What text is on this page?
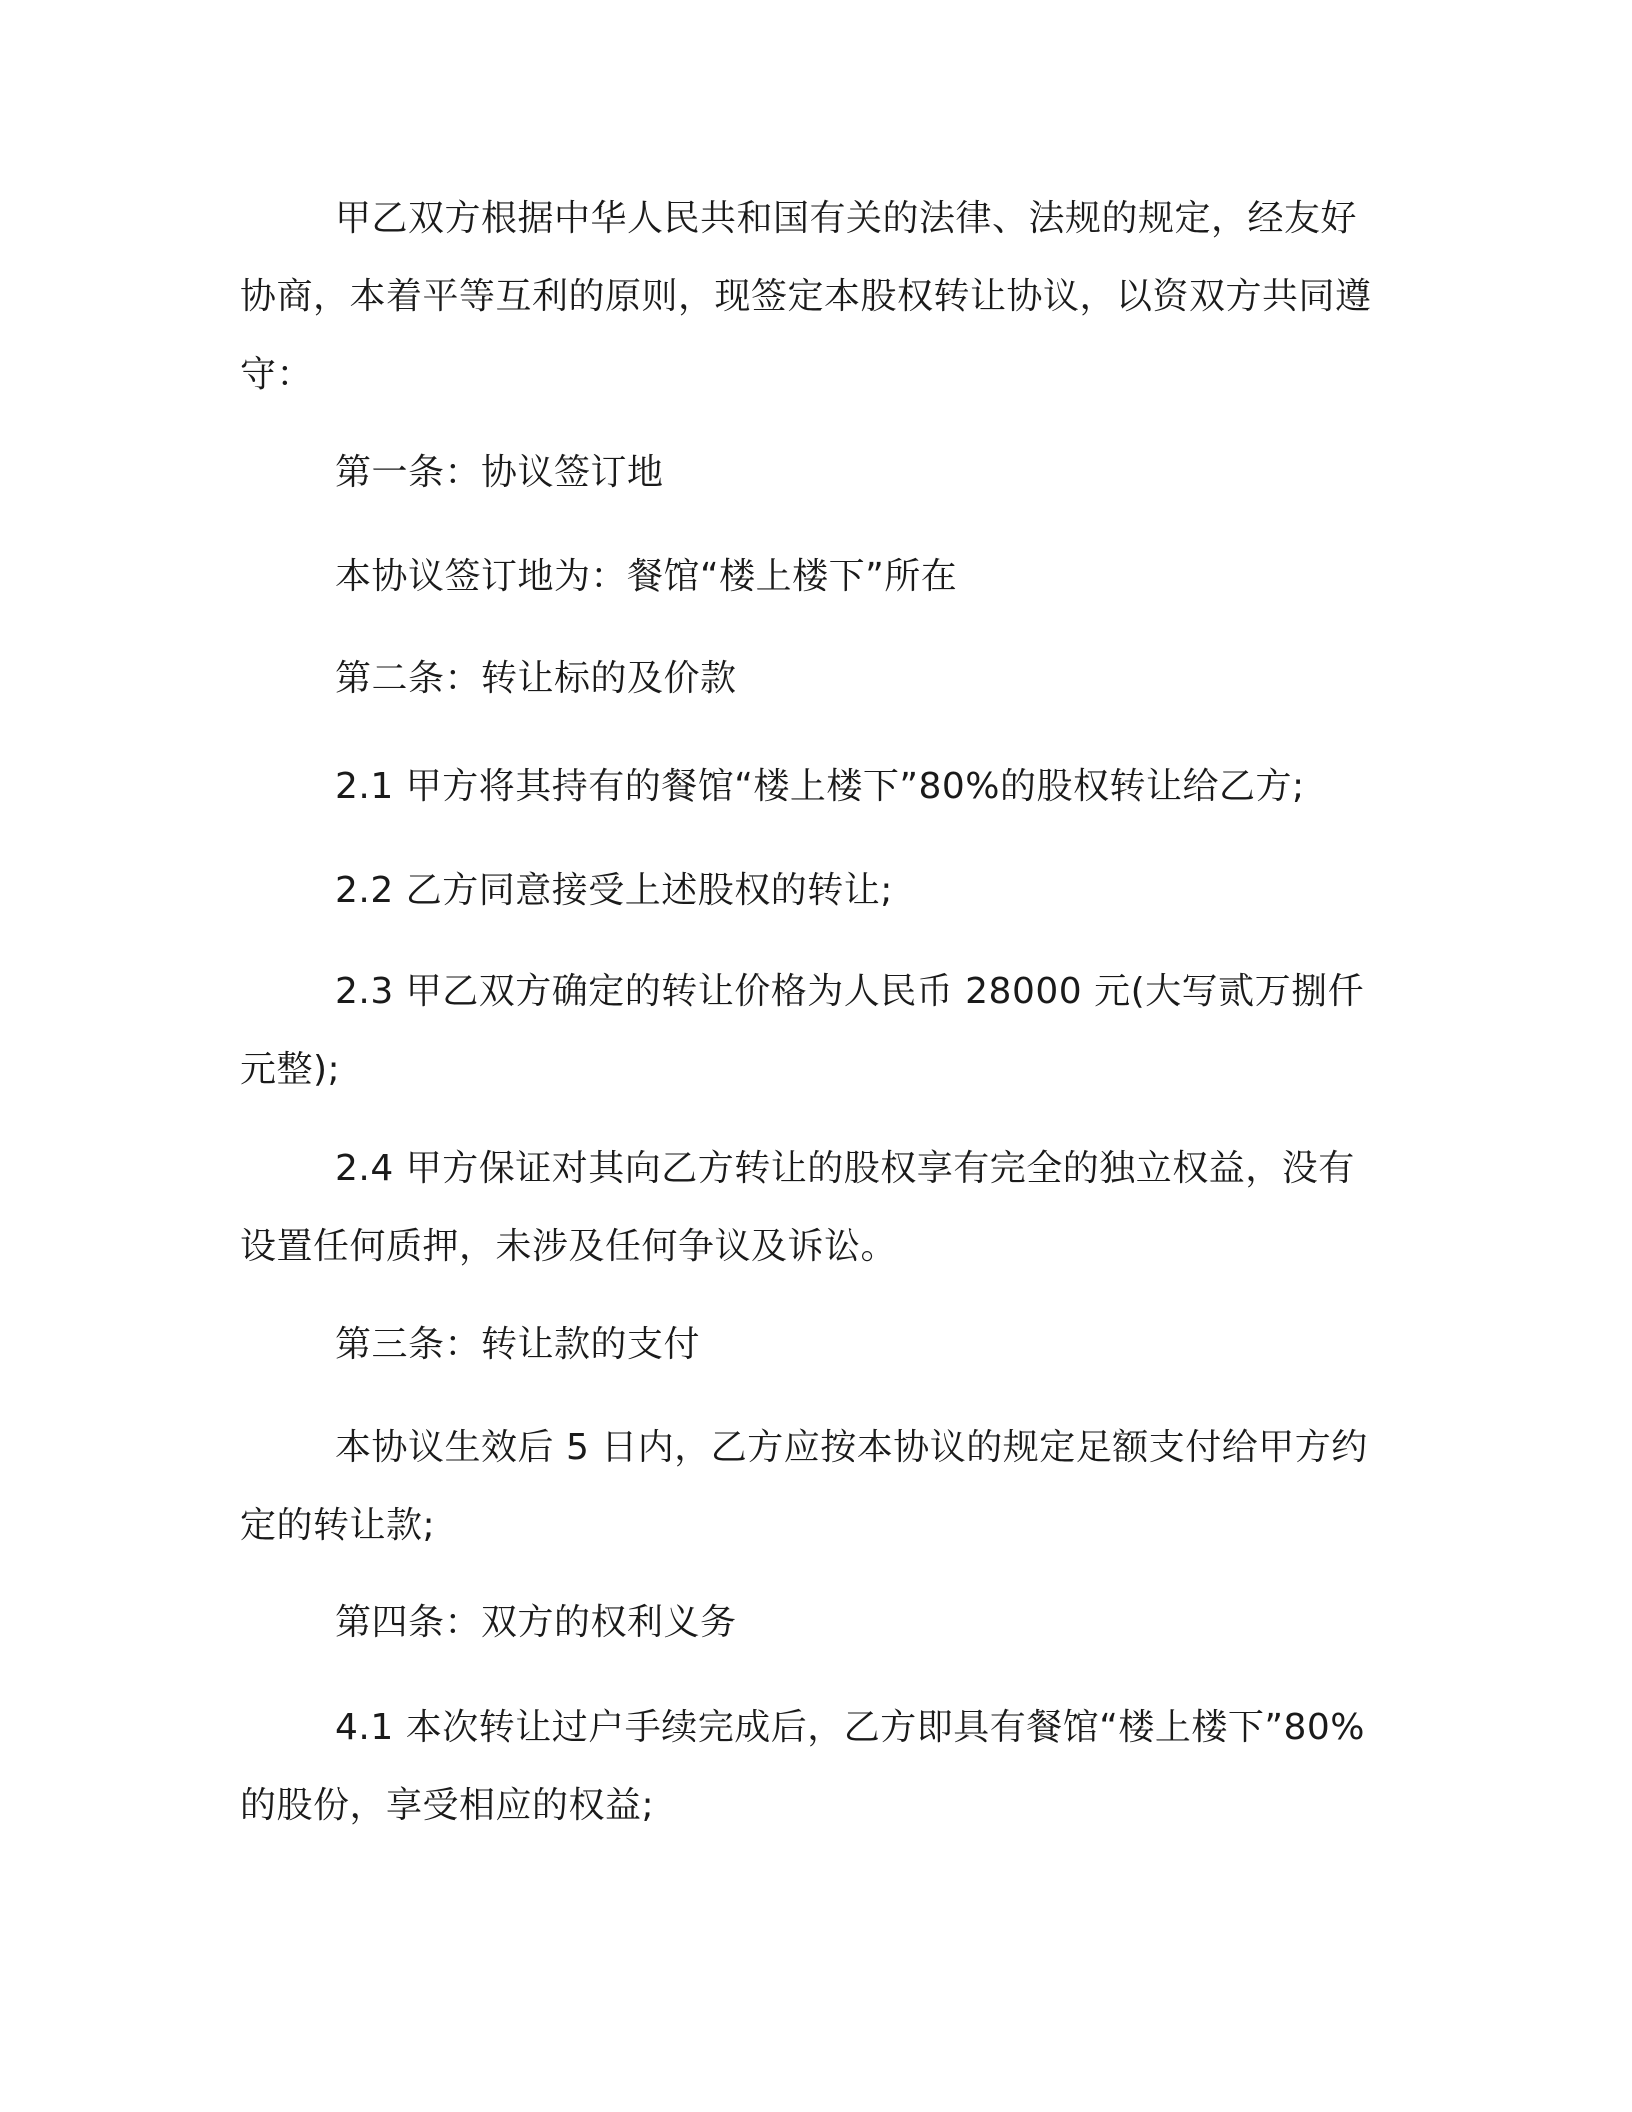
甲乙双方根据中华人民共和国有关的法律、法规的规定，经友好协商，本着平等互利的原则，现签定本股权转让协议，以资双方共同遵守：
第一条：协议签订地
本协议签订地为：餐馆“楼上楼下”所在
第二条：转让标的及价款
2.1 甲方将其持有的餐馆“楼上楼下”80%的股权转让给乙方;
2.2 乙方同意接受上述股权的转让;
2.3 甲乙双方确定的转让价格为人民币 28000 元(大写贰万捌仟元整);
2.4 甲方保证对其向乙方转让的股权享有完全的独立权益，没有设置任何质押，未涉及任何争议及诉讼。
第三条：转让款的支付
本协议生效后 5 日内，乙方应按本协议的规定足额支付给甲方约定的转让款;
第四条：双方的权利义务
4.1 本次转让过户手续完成后，乙方即具有餐馆“楼上楼下”80%的股份，享受相应的权益;
